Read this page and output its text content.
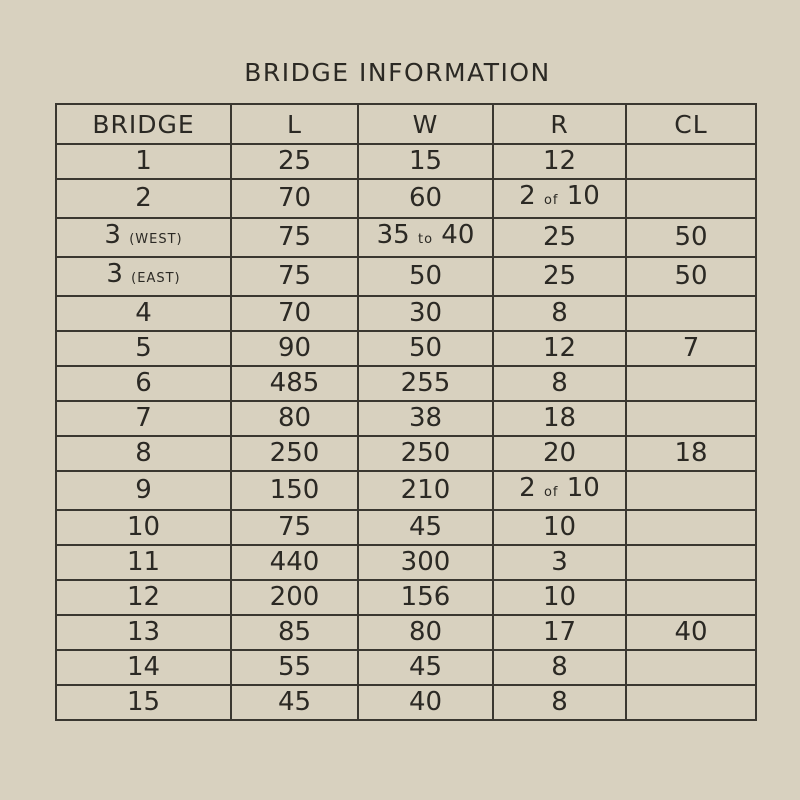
BRIDGE INFORMATION
BRIDGE	L	W	R	CL
1	25	15	12	
2	70	60	2 of 10	
3 (WEST)	75	35 to 40	25	50
3 (EAST)	75	50	25	50
4	70	30	8	
5	90	50	12	7
6	485	255	8	
7	80	38	18	
8	250	250	20	18
9	150	210	2 of 10	
10	75	45	10	
11	440	300	3	
12	200	156	10	
13	85	80	17	40
14	55	45	8	
15	45	40	8	
